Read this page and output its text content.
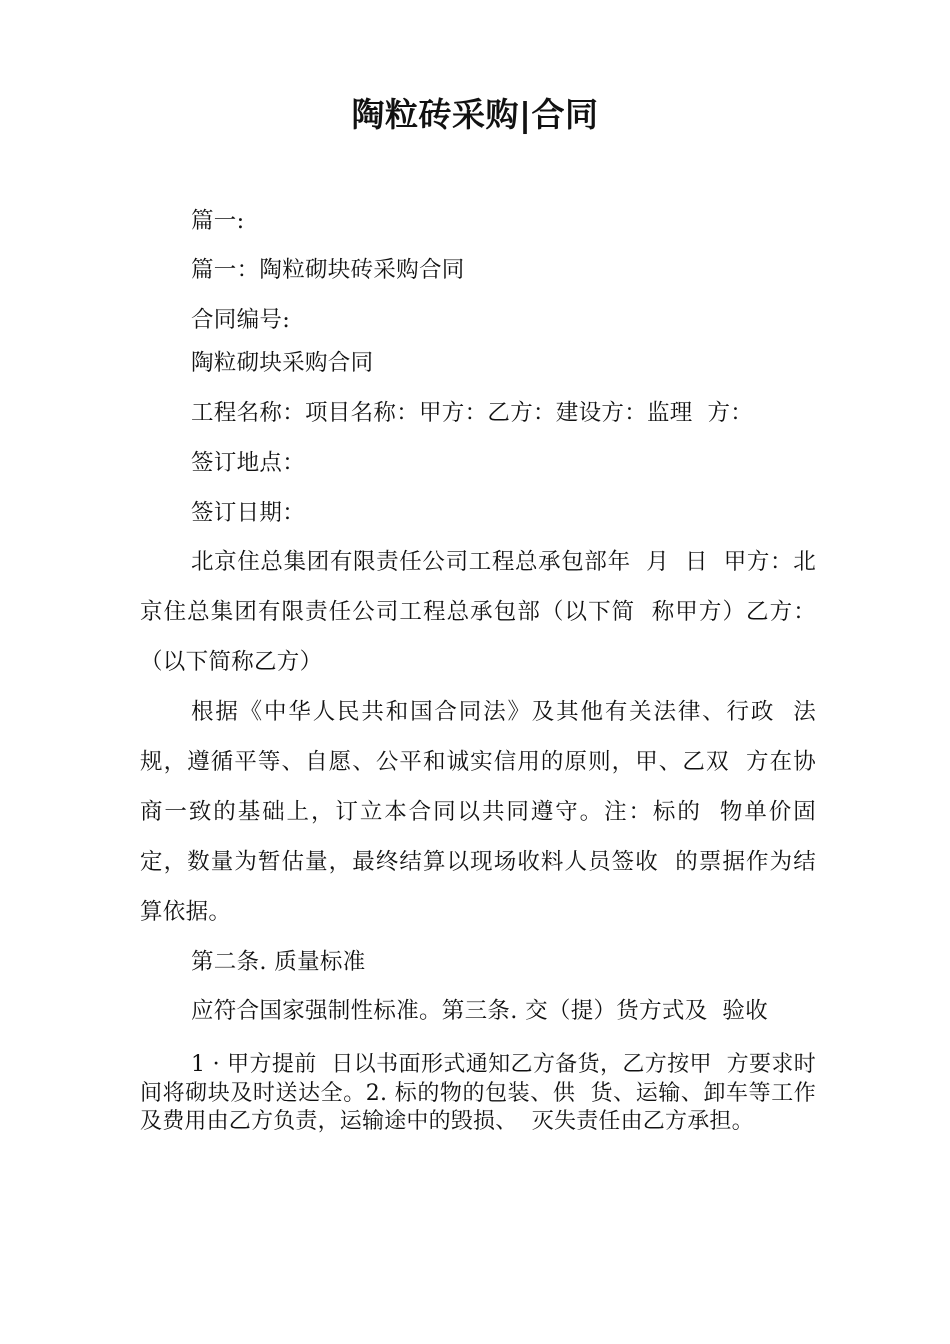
陶粒砖采购|合同

篇一:

篇一：陶粒砌块砖采购合同

合同编号:

陶粒砌块采购合同

工程名称：项目名称：甲方：乙方：建设方：监理  方：

签订地点：

签订日期：

北京住总集团有限责任公司工程总承包部年  月  日  甲方：北京住总集团有限责任公司工程总承包部（以下简  称甲方）乙方：  （以下简称乙方）

根据《中华人民共和国合同法》及其他有关法律、行政  法规，遵循平等、自愿、公平和诚实信用的原则，甲、乙双  方在协商一致的基础上，订立本合同以共同遵守。注：标的  物单价固定，数量为暂估量，最终结算以现场收料人员签收  的票据作为结算依据。

第二条. 质量标准

应符合国家强制性标准。第三条. 交（提）货方式及  验收

1 · 甲方提前  日以书面形式通知乙方备货，乙方按甲  方要求时间将砌块及时送达全。2. 标的物的包装、供  货、运输、卸车等工作及费用由乙方负责，运输途中的毁损、  灭失责任由乙方承担。
